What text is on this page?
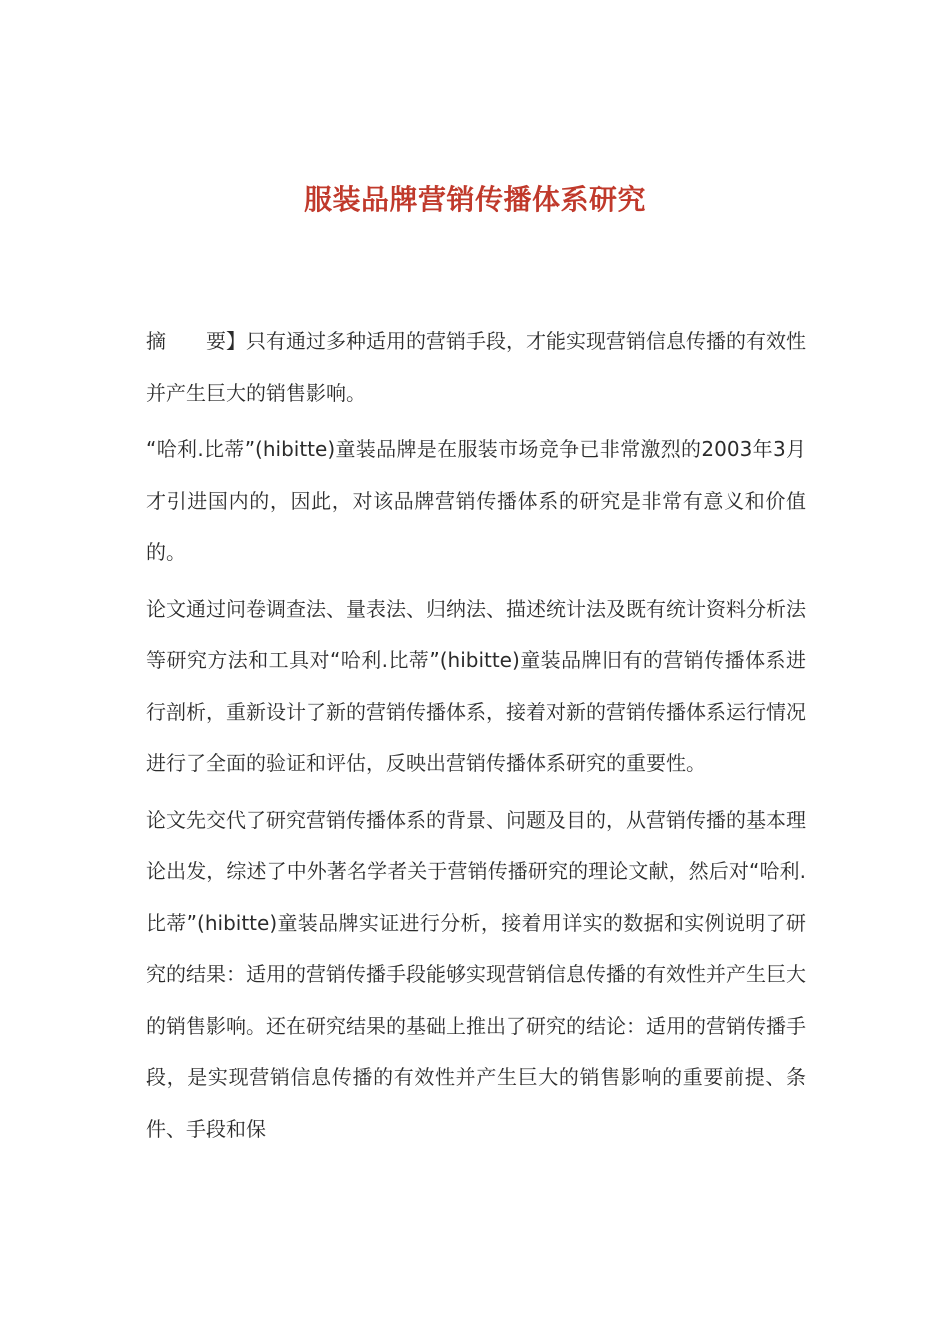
服装品牌营销传播体系研究

摘 要】只有通过多种适用的营销手段，才能实现营销信息传播的有效性并产生巨大的销售影响。

“哈利.比蒂”(hibitte)童装品牌是在服装市场竞争已非常激烈的2003年3月才引进国内的，因此，对该品牌营销传播体系的研究是非常有意义和价值的。

论文通过问卷调查法、量表法、归纳法、描述统计法及既有统计资料分析法等研究方法和工具对“哈利.比蒂”(hibitte)童装品牌旧有的营销传播体系进行剖析，重新设计了新的营销传播体系，接着对新的营销传播体系运行情况进行了全面的验证和评估，反映出营销传播体系研究的重要性。

论文先交代了研究营销传播体系的背景、问题及目的，从营销传播的基本理论出发，综述了中外著名学者关于营销传播研究的理论文献，然后对“哈利.比蒂”(hibitte)童装品牌实证进行分析，接着用详实的数据和实例说明了研究的结果：适用的营销传播手段能够实现营销信息传播的有效性并产生巨大的销售影响。还在研究结果的基础上推出了研究的结论：适用的营销传播手段，是实现营销信息传播的有效性并产生巨大的销售影响的重要前提、条件、手段和保
